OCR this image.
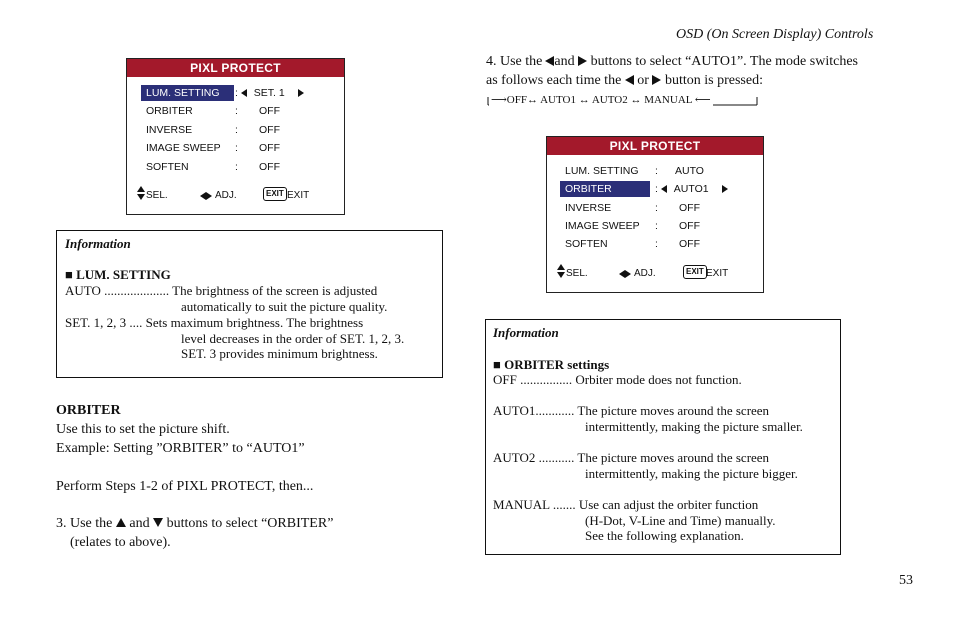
OSD (On Screen Display) Controls
PIXL PROTECT
LUM. SETTING	: SET. 1
ORBITER	: OFF
INVERSE	: OFF
IMAGE SWEEP : OFF
SOFTEN	: OFF
SEL.	ADJ.	EXIT EXIT
Information
■ LUM. SETTING
AUTO .................... The brightness of the screen is adjusted
automatically to suit the picture quality.
SET. 1, 2, 3 .... Sets maximum brightness. The brightness
level decreases in the order of SET. 1, 2, 3.
SET. 3 provides minimum brightness.
ORBITER
Use this to set the picture shift.
Example: Setting ”ORBITER” to “AUTO1”
Perform Steps 1-2 of PIXL PROTECT, then...
3. Use the and buttons to select “ORBITER”
(relates to above).
4. Use the and buttons to select “AUTO1”. The mode switches
as follows each time the or button is pressed:
⟶OFF↔ AUTO1 ↔ AUTO2 ↔ MANUAL ⟵
PIXL PROTECT
LUM. SETTING : AUTO
ORBITER	: AUTO1
INVERSE	: OFF
IMAGE SWEEP : OFF
SOFTEN	: OFF
SEL.	ADJ.	EXIT EXIT
Information
■ ORBITER settings
OFF ................ Orbiter mode does not function.
AUTO1............ The picture moves around the screen
intermittently, making the picture smaller.
AUTO2 ........... The picture moves around the screen
intermittently, making the picture bigger.
MANUAL ....... Use can adjust the orbiter function
(H-Dot, V-Line and Time) manually.
See the following explanation.
53
